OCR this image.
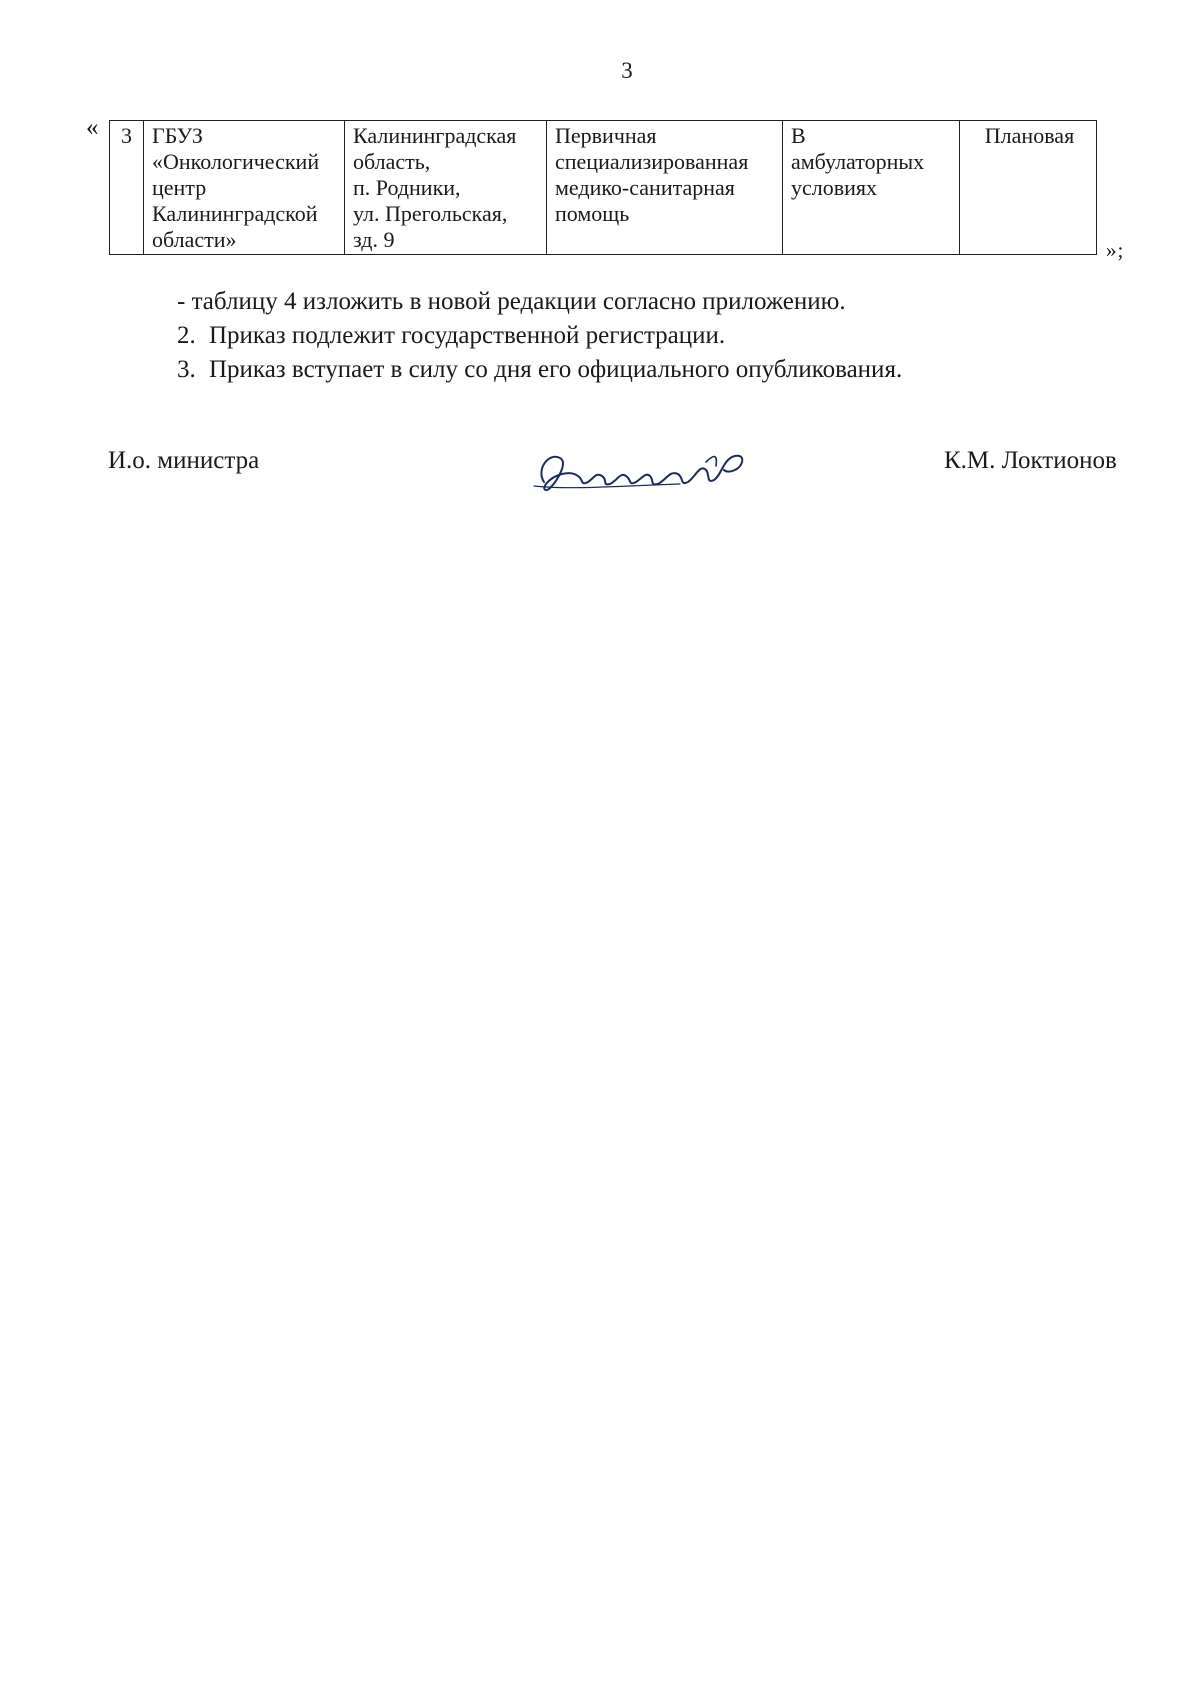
3
« 3	ГБУЗ
«Онкологический
центр
Калининградской
области»	Калининградская
область,
п. Родники,
ул. Прегольская,
зд. 9	Первичная
специализированная
медико-санитарная
помощь	В
амбулаторных
условиях	Плановая
»;

- таблицу 4 изложить в новой редакции согласно приложению.

2. Приказ подлежит государственной регистрации.
3. Приказ вступает в силу со дня его официального опубликования.
И.о. министра	К.М. Локтионов
